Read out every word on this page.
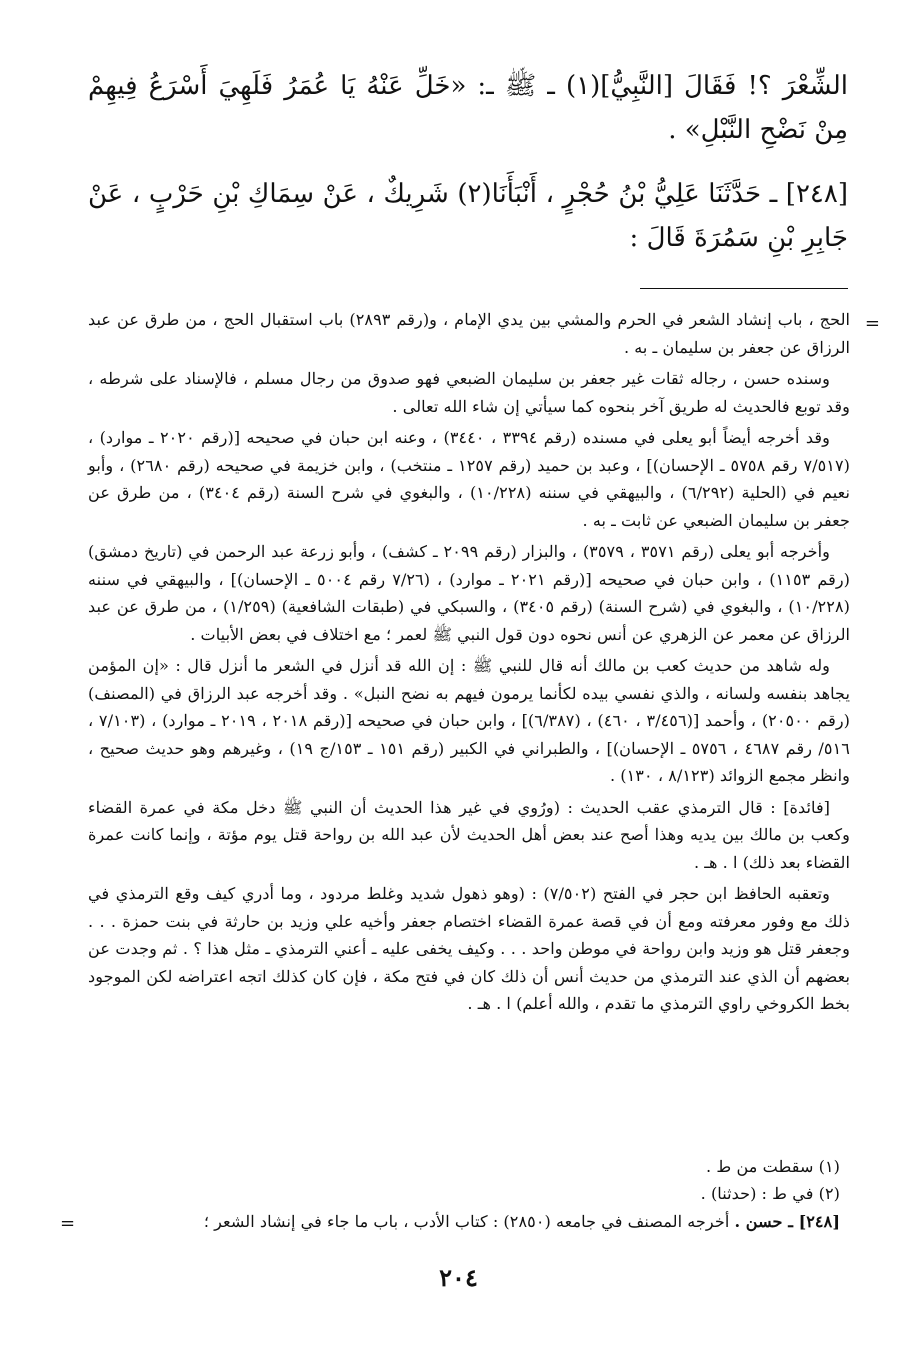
الشِّعْرَ ؟! فَقَالَ [النَّبِيُّ](١) ـ ﷺ ـ: «خَلِّ عَنْهُ يَا عُمَرُ فَلَهِيَ أَسْرَعُ فِيهِمْ مِنْ نَضْحِ النَّبْلِ» .
[٢٤٨] ـ حَدَّثَنَا عَلِيُّ بْنُ حُجْرٍ ، أَنْبَأَنَا(٢) شَرِيكٌ ، عَنْ سِمَاكِ بْنِ حَرْبٍ ، عَنْ جَابِرِ بْنِ سَمُرَةَ قَالَ :
=

الحج ، باب إنشاد الشعر في الحرم والمشي بين يدي الإمام ، و(رقم ٢٨٩٣) باب استقبال الحج ، من طرق عن عبد الرزاق عن جعفر بن سليمان ـ به .

وسنده حسن ، رجاله ثقات غير جعفر بن سليمان الضبعي فهو صدوق من رجال مسلم ، فالإسناد على شرطه ، وقد توبع فالحديث له طريق آخر بنحوه كما سيأتي إن شاء الله تعالى .

وقد أخرجه أيضاً أبو يعلى في مسنده (رقم ٣٣٩٤ ، ٣٤٤٠) ، وعنه ابن حبان في صحيحه [(رقم ٢٠٢٠ ـ موارد) ، (٧/٥١٧ رقم ٥٧٥٨ ـ الإحسان)] ، وعبد بن حميد (رقم ١٢٥٧ ـ منتخب) ، وابن خزيمة في صحيحه (رقم ٢٦٨٠) ، وأبو نعيم في (الحلية (٦/٢٩٢) ، والبيهقي في سننه (١٠/٢٢٨) ، والبغوي في شرح السنة (رقم ٣٤٠٤) ، من طرق عن جعفر بن سليمان الضبعي عن ثابت ـ به .

وأخرجه أبو يعلى (رقم ٣٥٧١ ، ٣٥٧٩) ، والبزار (رقم ٢٠٩٩ ـ كشف) ، وأبو زرعة عبد الرحمن في (تاريخ دمشق) (رقم ١١٥٣) ، وابن حبان في صحيحه [(رقم ٢٠٢١ ـ موارد) ، (٧/٢٦ رقم ٥٠٠٤ ـ الإحسان)] ، والبيهقي في سننه (١٠/٢٢٨) ، والبغوي في (شرح السنة) (رقم ٣٤٠٥) ، والسبكي في (طبقات الشافعية) (١/٢٥٩) ، من طرق عن عبد الرزاق عن معمر عن الزهري عن أنس نحوه دون قول النبي ﷺ لعمر ؛ مع اختلاف في بعض الأبيات .

وله شاهد من حديث كعب بن مالك أنه قال للنبي ﷺ : إن الله قد أنزل في الشعر ما أنزل قال : «إن المؤمن يجاهد بنفسه ولسانه ، والذي نفسي بيده لكأنما يرمون فيهم به نضح النبل» . وقد أخرجه عبد الرزاق في (المصنف) (رقم ٢٠٥٠٠) ، وأحمد [(٣/٤٥٦ ، ٤٦٠) ، (٦/٣٨٧)] ، وابن حبان في صحيحه [(رقم ٢٠١٨ ، ٢٠١٩ ـ موارد) ، (٧/١٠٣ ، ٥١٦/ رقم ٤٦٨٧ ، ٥٧٥٦ ـ الإحسان)] ، والطبراني في الكبير (رقم ١٥١ ـ ١٥٣/ج ١٩) ، وغيرهم وهو حديث صحيح ، وانظر مجمع الزوائد (٨/١٢٣ ، ١٣٠) .

[فائدة] : قال الترمذي عقب الحديث : (ورُوي في غير هذا الحديث أن النبي ﷺ دخل مكة في عمرة القضاء وكعب بن مالك بين يديه وهذا أصح عند بعض أهل الحديث لأن عبد الله بن رواحة قتل يوم مؤتة ، وإنما كانت عمرة القضاء بعد ذلك) ا . هـ .

وتعقبه الحافظ ابن حجر في الفتح (٧/٥٠٢) : (وهو ذهول شديد وغلط مردود ، وما أدري كيف وقع الترمذي في ذلك مع وفور معرفته ومع أن في قصة عمرة القضاء اختصام جعفر وأخيه علي وزيد بن حارثة في بنت حمزة . . . وجعفر قتل هو وزيد وابن رواحة في موطن واحد . . . وكيف يخفى عليه ـ أعني الترمذي ـ مثل هذا ؟ . ثم وجدت عن بعضهم أن الذي عند الترمذي من حديث أنس أن ذلك كان في فتح مكة ، فإن كان كذلك اتجه اعتراضه لكن الموجود بخط الكروخي راوي الترمذي ما تقدم ، والله أعلم) ا . هـ .

(١) سقطت من ط .
(٢) في ط : (حدثنا) .
[٢٤٨] ـ حسن . أخرجه المصنف في جامعه (٢٨٥٠) : كتاب الأدب ، باب ما جاء في إنشاد الشعر ؛
=
٢٠٤
